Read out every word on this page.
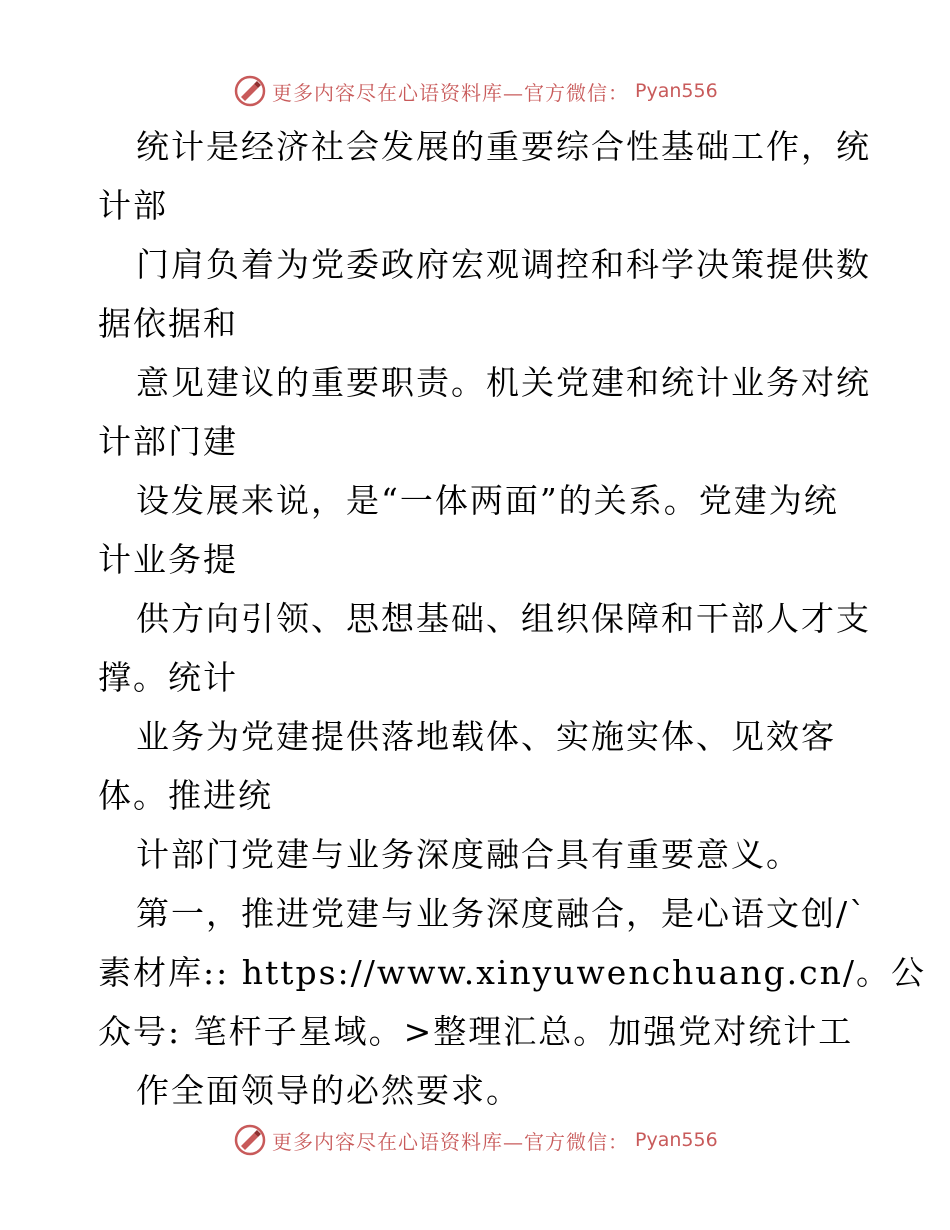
更多内容尽在心语资料库—官方微信： Pyan556
统计是经济社会发展的重要综合性基础工作，统
计部
门肩负着为党委政府宏观调控和科学决策提供数
据依据和
意见建议的重要职责。机关党建和统计业务对统
计部门建
设发展来说，是“一体两面”的关系。党建为统
计业务提
供方向引领、思想基础、组织保障和干部人才支
撑。统计
业务为党建提供落地载体、实施实体、见效客
体。推进统
计部门党建与业务深度融合具有重要意义。
第一，推进党建与业务深度融合，是心语文创/`
素材库:: https://www.xinyuwenchuang.cn/。公
众号: 笔杆子星域。>整理汇总。加强党对统计工
作全面领导的必然要求。
更多内容尽在心语资料库—官方微信： Pyan556
